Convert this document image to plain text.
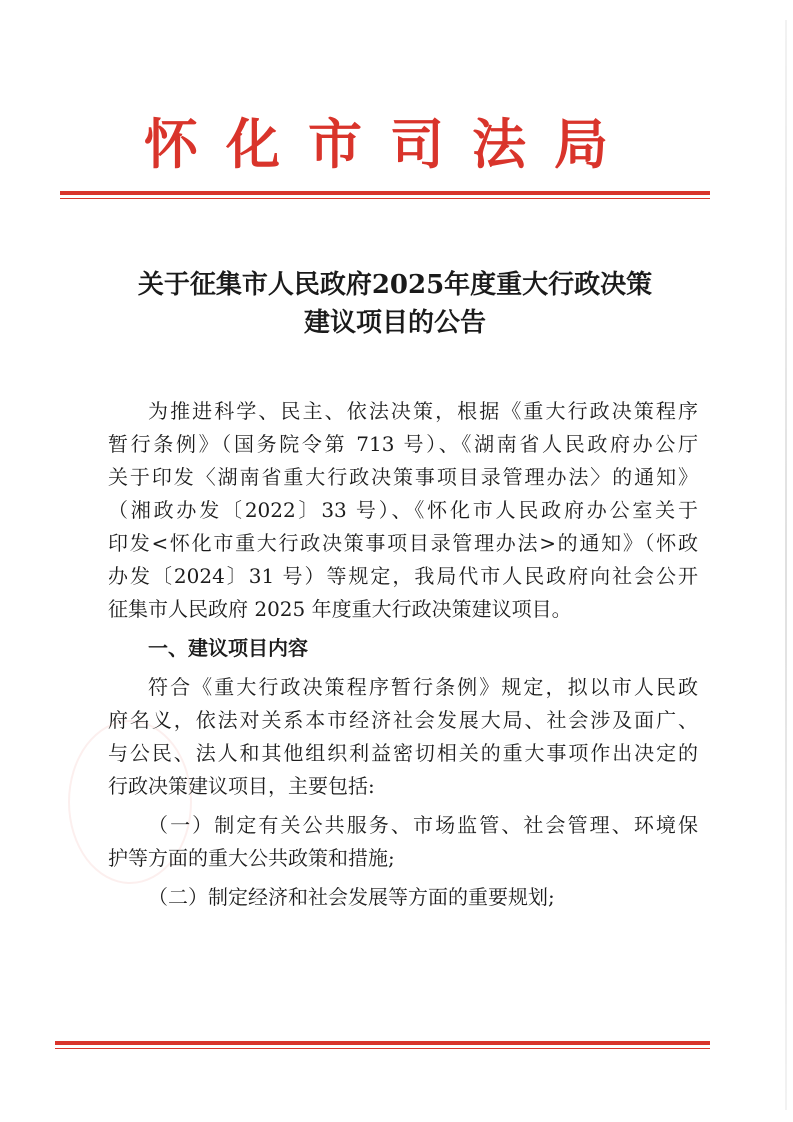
怀化市司法局
关于征集市人民政府2025年度重大行政决策
建议项目的公告
为推进科学、民主、依法决策，根据《重大行政决策程序
暂行条例》（国务院令第 713 号）、《湖南省人民政府办公厅
关于印发〈湖南省重大行政决策事项目录管理办法〉的通知》
（湘政办发〔2022〕33 号）、《怀化市人民政府办公室关于
印发<怀化市重大行政决策事项目录管理办法>的通知》（怀政
办发〔2024〕31 号）等规定，我局代市人民政府向社会公开
征集市人民政府 2025 年度重大行政决策建议项目。
一、建议项目内容
符合《重大行政决策程序暂行条例》规定，拟以市人民政
府名义，依法对关系本市经济社会发展大局、社会涉及面广、
与公民、法人和其他组织利益密切相关的重大事项作出决定的
行政决策建议项目，主要包括:
（一）制定有关公共服务、市场监管、社会管理、环境保
护等方面的重大公共政策和措施;
（二）制定经济和社会发展等方面的重要规划;
